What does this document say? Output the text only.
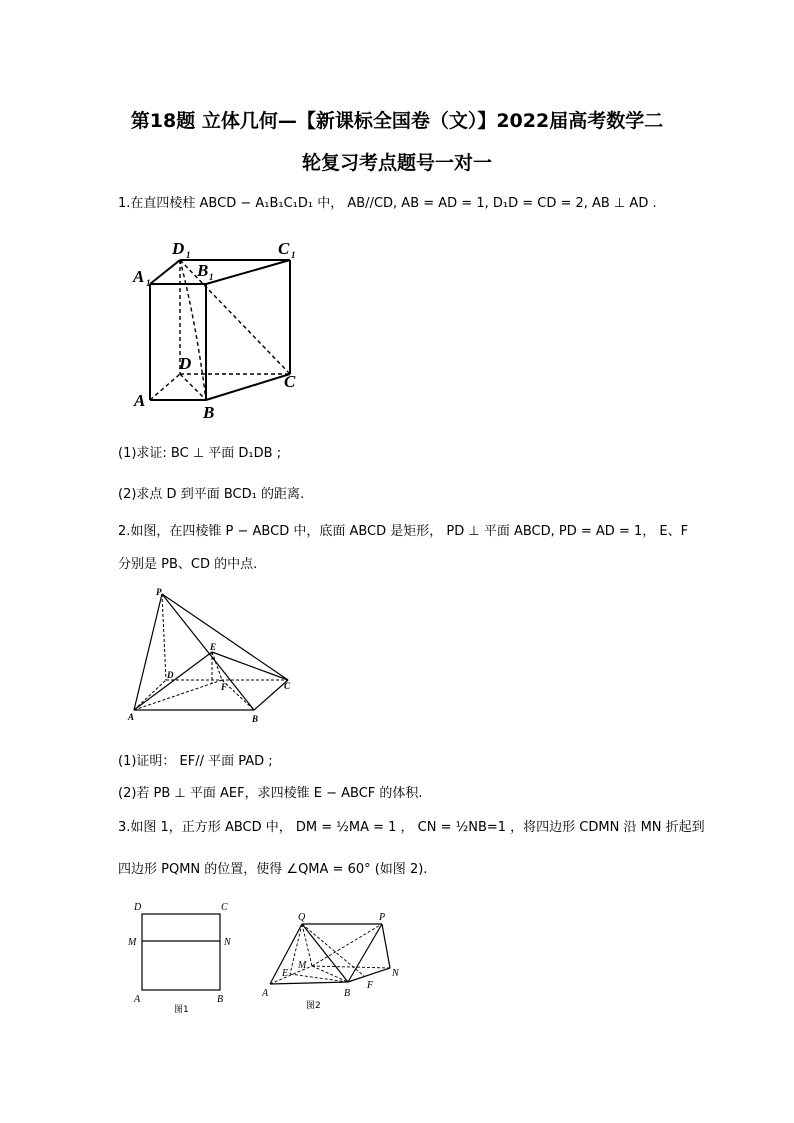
第18题 立体几何—【新课标全国卷（文）】2022届高考数学二
轮复习考点题号一对一
1.在直四棱柱 ABCD − A₁B₁C₁D₁ 中， AB//CD, AB = AD = 1, D₁D = CD = 2, AB ⊥ AD .
D 1	C 1
A 1
B 1
D
C
A
B
(1)求证: BC ⊥ 平面 D₁DB ;
(2)求点 D 到平面 BCD₁ 的距离.
2.如图，在四棱锥 P − ABCD 中，底面 ABCD 是矩形， PD ⊥ 平面 ABCD, PD = AD = 1， E、F
分别是 PB、CD 的中点.
P
E
D
F	C
A	B
(1)证明： EF// 平面 PAD ;
(2)若 PB ⊥ 平面 AEF，求四棱锥 E − ABCF 的体积.
3.如图 1，正方形 ABCD 中， DM = ½MA = 1 ， CN = ½NB=1 ，将四边形 CDMN 沿 MN 折起到
四边形 PQMN 的位置，使得 ∠QMA = 60° (如图 2).
D	C
M	N
A	B
图1
Q	P
E
M
N
A	B
F
图2
